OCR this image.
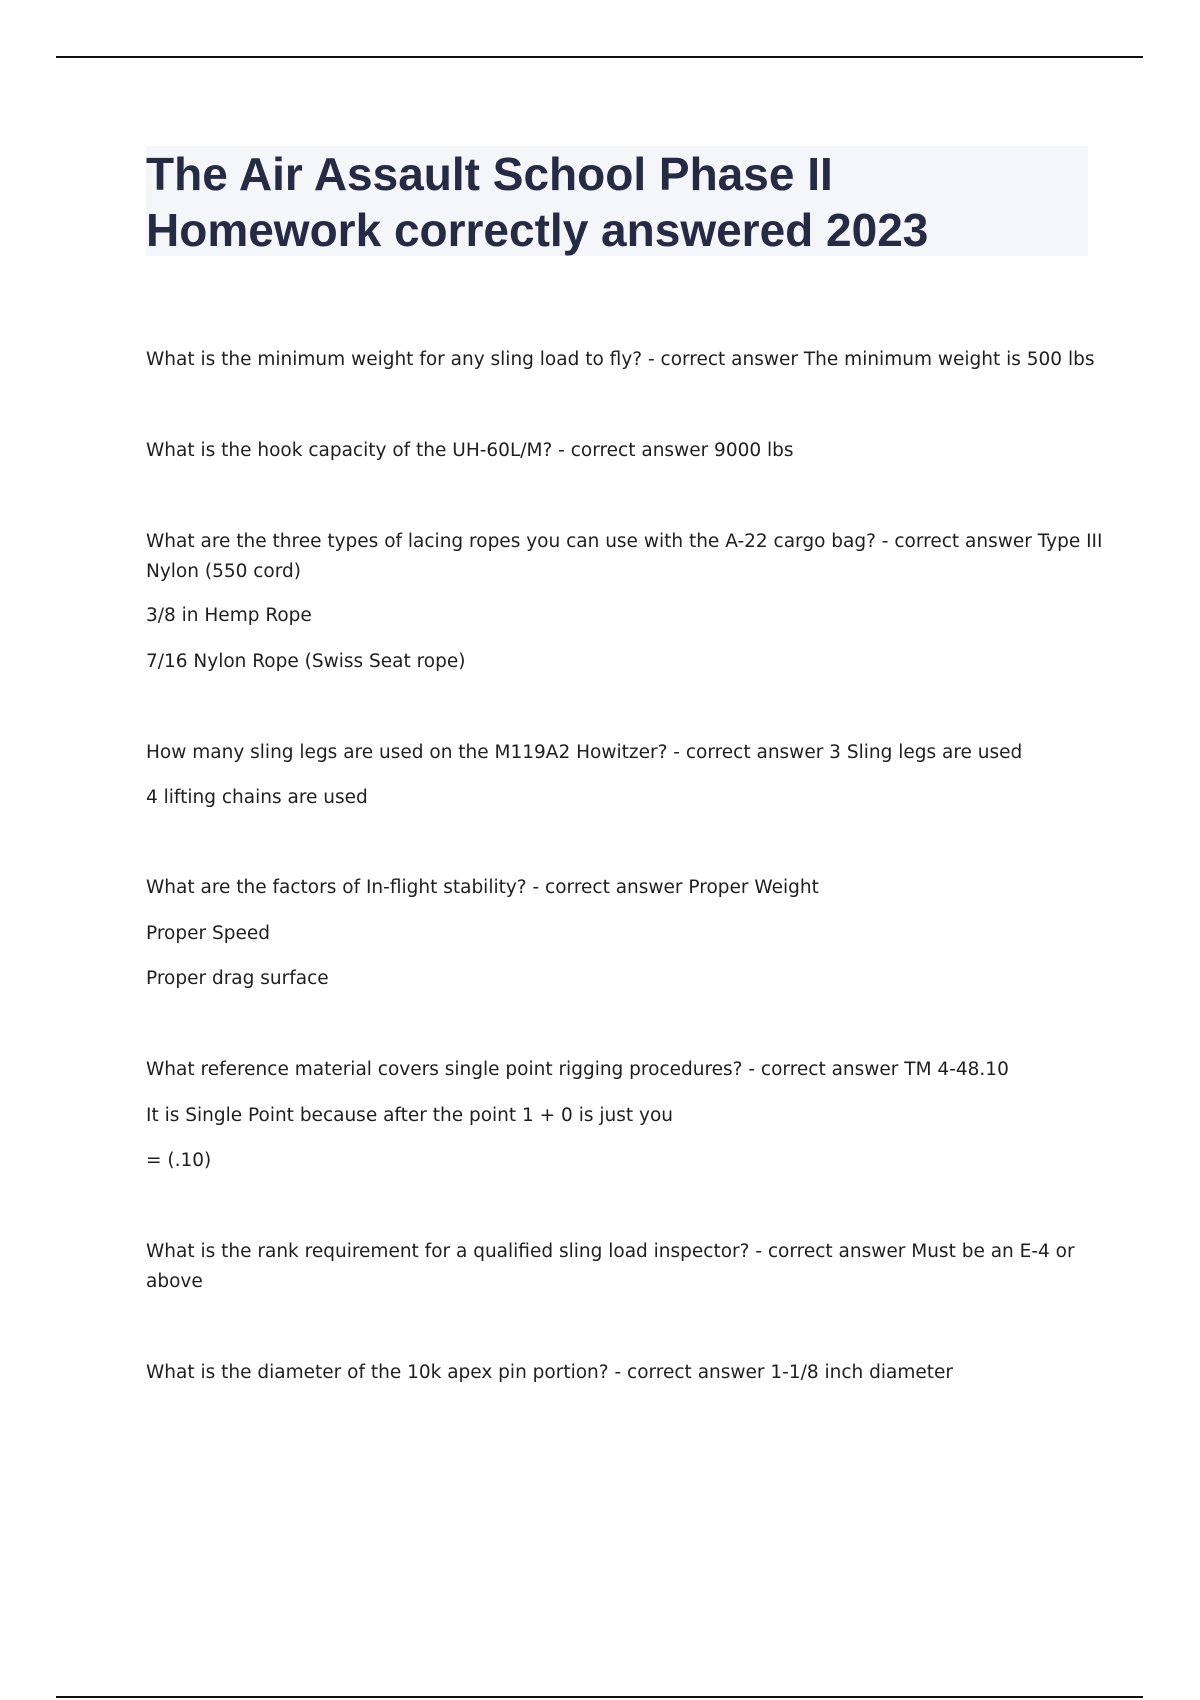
The Air Assault School Phase II
Homework correctly answered 2023
What is the minimum weight for any sling load to fly? - correct answer The minimum weight is 500 lbs
What is the hook capacity of the UH-60L/M? - correct answer 9000 lbs
What are the three types of lacing ropes you can use with the A-22 cargo bag? - correct answer Type III
Nylon (550 cord)
3/8 in Hemp Rope
7/16 Nylon Rope (Swiss Seat rope)
How many sling legs are used on the M119A2 Howitzer? - correct answer 3 Sling legs are used
4 lifting chains are used
What are the factors of In-flight stability? - correct answer Proper Weight
Proper Speed
Proper drag surface
What reference material covers single point rigging procedures? - correct answer TM 4-48.10
It is Single Point because after the point 1 + 0 is just you
= (.10)
What is the rank requirement for a qualified sling load inspector? - correct answer Must be an E-4 or
above
What is the diameter of the 10k apex pin portion? - correct answer 1-1/8 inch diameter
